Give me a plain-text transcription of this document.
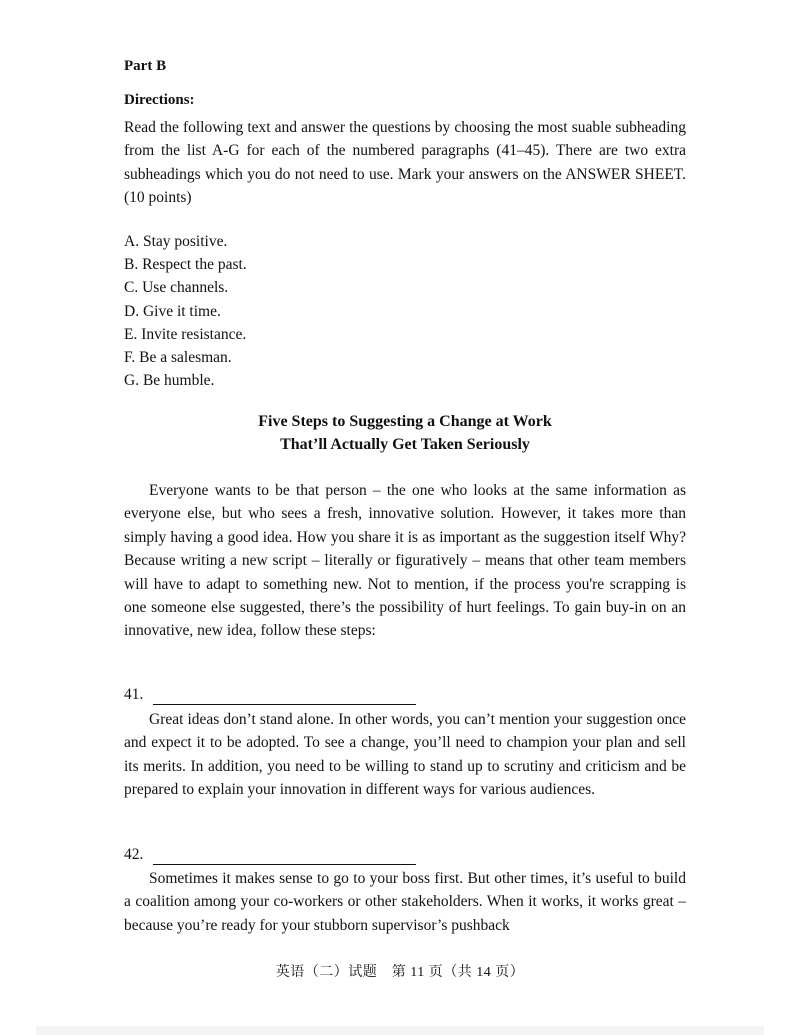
Part B
Directions:
Read the following text and answer the questions by choosing the most suable subheading from the list A-G for each of the numbered paragraphs (41–45). There are two extra subheadings which you do not need to use. Mark your answers on the ANSWER SHEET. (10 points)
A. Stay positive.
B. Respect the past.
C. Use channels.
D. Give it time.
E. Invite resistance.
F. Be a salesman.
G. Be humble.
Five Steps to Suggesting a Change at Work
That’ll Actually Get Taken Seriously
Everyone wants to be that person – the one who looks at the same information as everyone else, but who sees a fresh, innovative solution. However, it takes more than simply having a good idea. How you share it is as important as the suggestion itself Why? Because writing a new script – literally or figuratively – means that other team members will have to adapt to something new. Not to mention, if the process you're scrapping is one someone else suggested, there’s the possibility of hurt feelings. To gain buy-in on an innovative, new idea, follow these steps:
41.
Great ideas don’t stand alone. In other words, you can’t mention your suggestion once and expect it to be adopted. To see a change, you’ll need to champion your plan and sell its merits. In addition, you need to be willing to stand up to scrutiny and criticism and be prepared to explain your innovation in different ways for various audiences.
42.
Sometimes it makes sense to go to your boss first. But other times, it’s useful to build a coalition among your co-workers or other stakeholders. When it works, it works great – because you’re ready for your stubborn supervisor’s pushback
英语（二）试题　第 11 页（共 14 页）
